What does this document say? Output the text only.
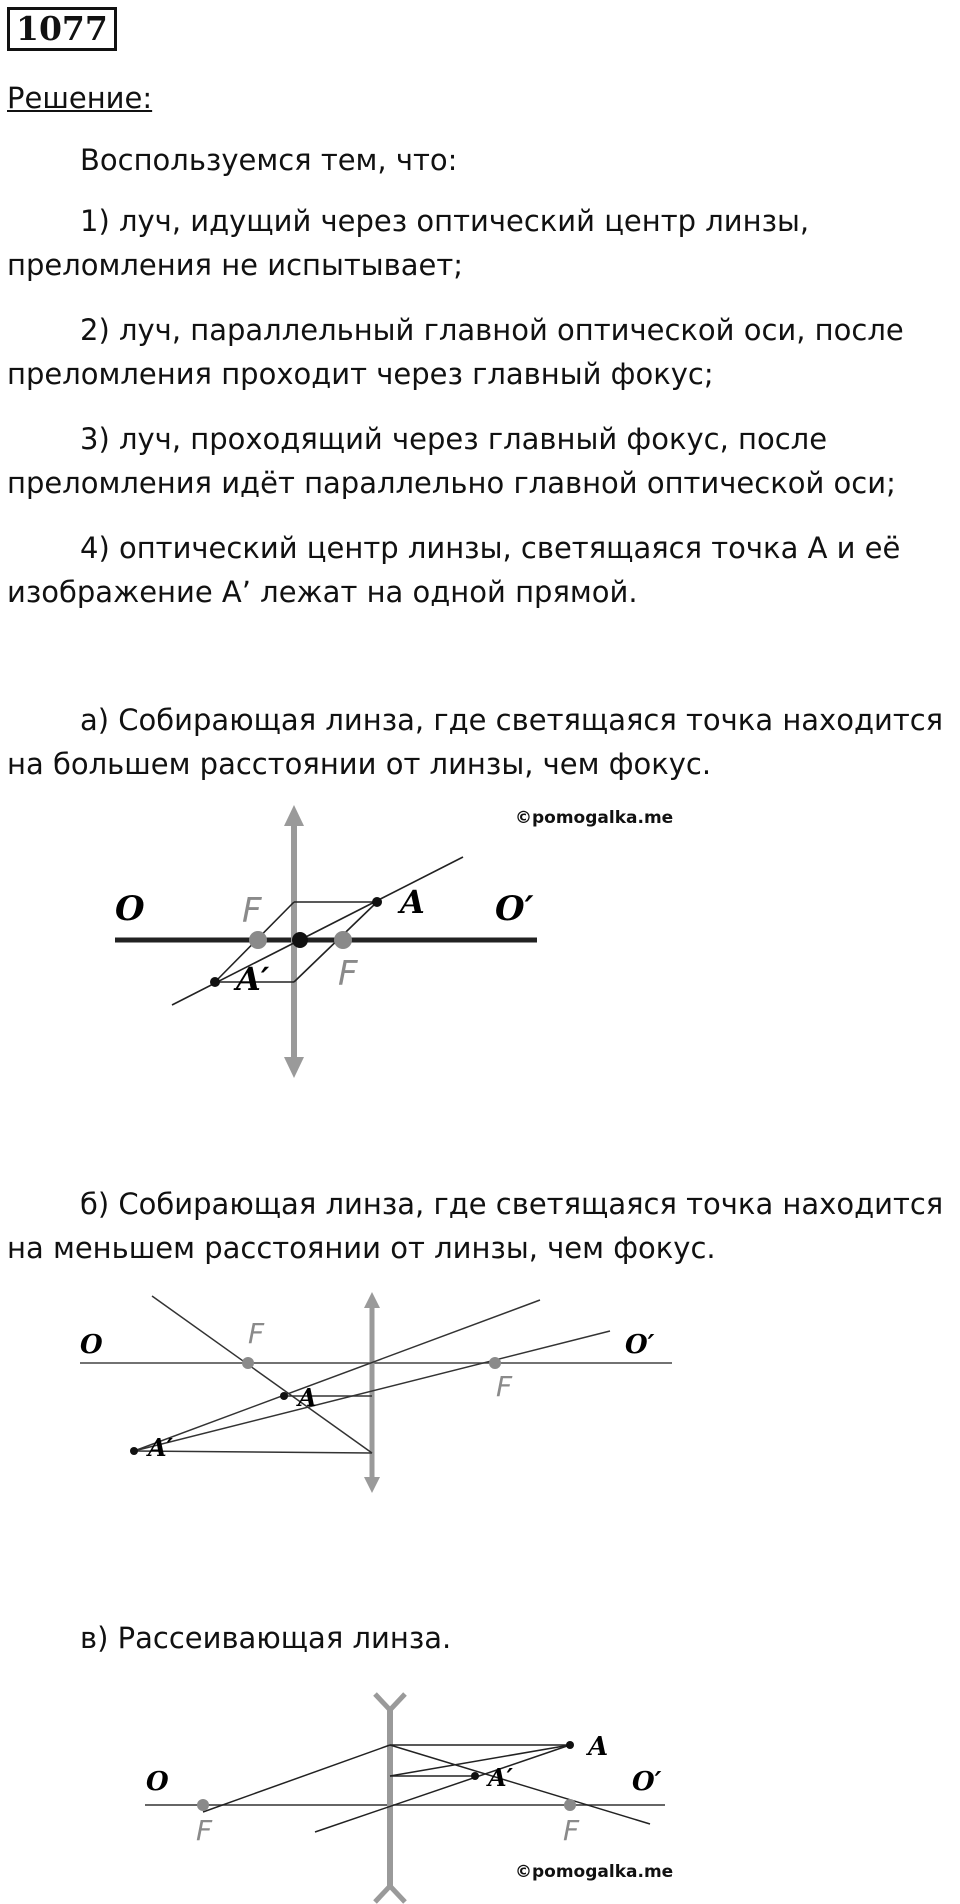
1077

Решение:

Воспользуемся тем, что:

1) луч, идущий через оптический центр линзы, преломления не испытывает;

2) луч, параллельный главной оптической оси, после преломления проходит через главный фокус;

3) луч, проходящий через главный фокус, после преломления идёт параллельно главной оптической оси;

4) оптический центр линзы, светящаяся точка А и её изображение А’ лежат на одной прямой.

а) Собирающая линза, где светящаяся точка находится на большем расстоянии от линзы, чем фокус.

©pomogalka.me
O	O′
F
F
A
A′

б) Собирающая линза, где светящаяся точка находится на меньшем расстоянии от линзы, чем фокус.

O	O′
F
F
A
A′

в) Рассеивающая линза.

O	O′
F	F
A
A′
©pomogalka.me
